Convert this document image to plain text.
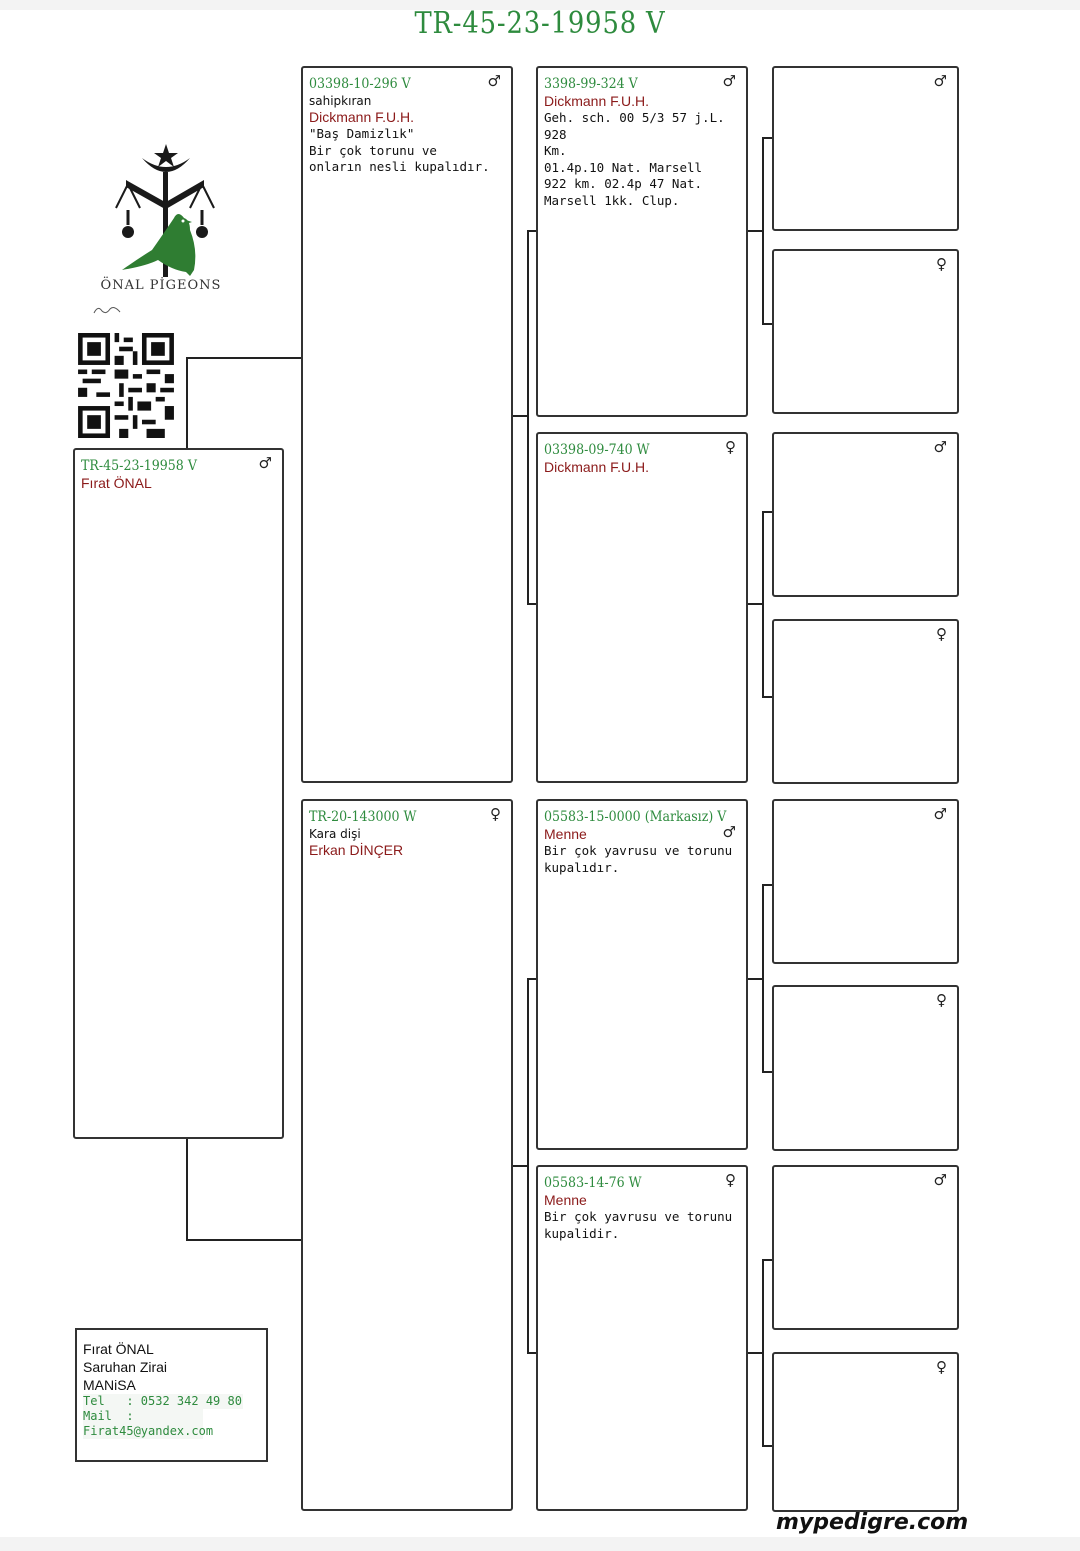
TR-45-23-19958 V
ÖNAL PİGEONS
TR-45-23-19958 V	♂
Fırat ÖNAL
03398-10-296 V	♂
sahipkıran
Dickmann F.U.H.
"Baş Damizlık"
Bir çok torunu ve
onların nesli kupalıdır.
TR-20-143000 W	♀
Kara dişi
Erkan DİNÇER
3398-99-324 V	♂
Dickmann F.U.H.
Geh. sch. 00 5/3 57 j.L. 928
Km.
01.4p.10 Nat. Marsell
922 km. 02.4p 47 Nat.
Marsell 1kk. Clup.
03398-09-740 W	♀
Dickmann F.U.H.
05583-15-0000 (Markasız) V
♂
Menne
Bir çok yavrusu ve torunu
kupalıdır.
05583-14-76 W	♀
Menne
Bir çok yavrusu ve torunu
kupalidir.
♂
♀
♂
♀
♂
♀
♂
♀
Fırat ÖNAL
Saruhan Zirai
MANiSA
Tel   : 0532 342 49 80
Mail  :
Firat45@yandex.com
mypedigre.com
